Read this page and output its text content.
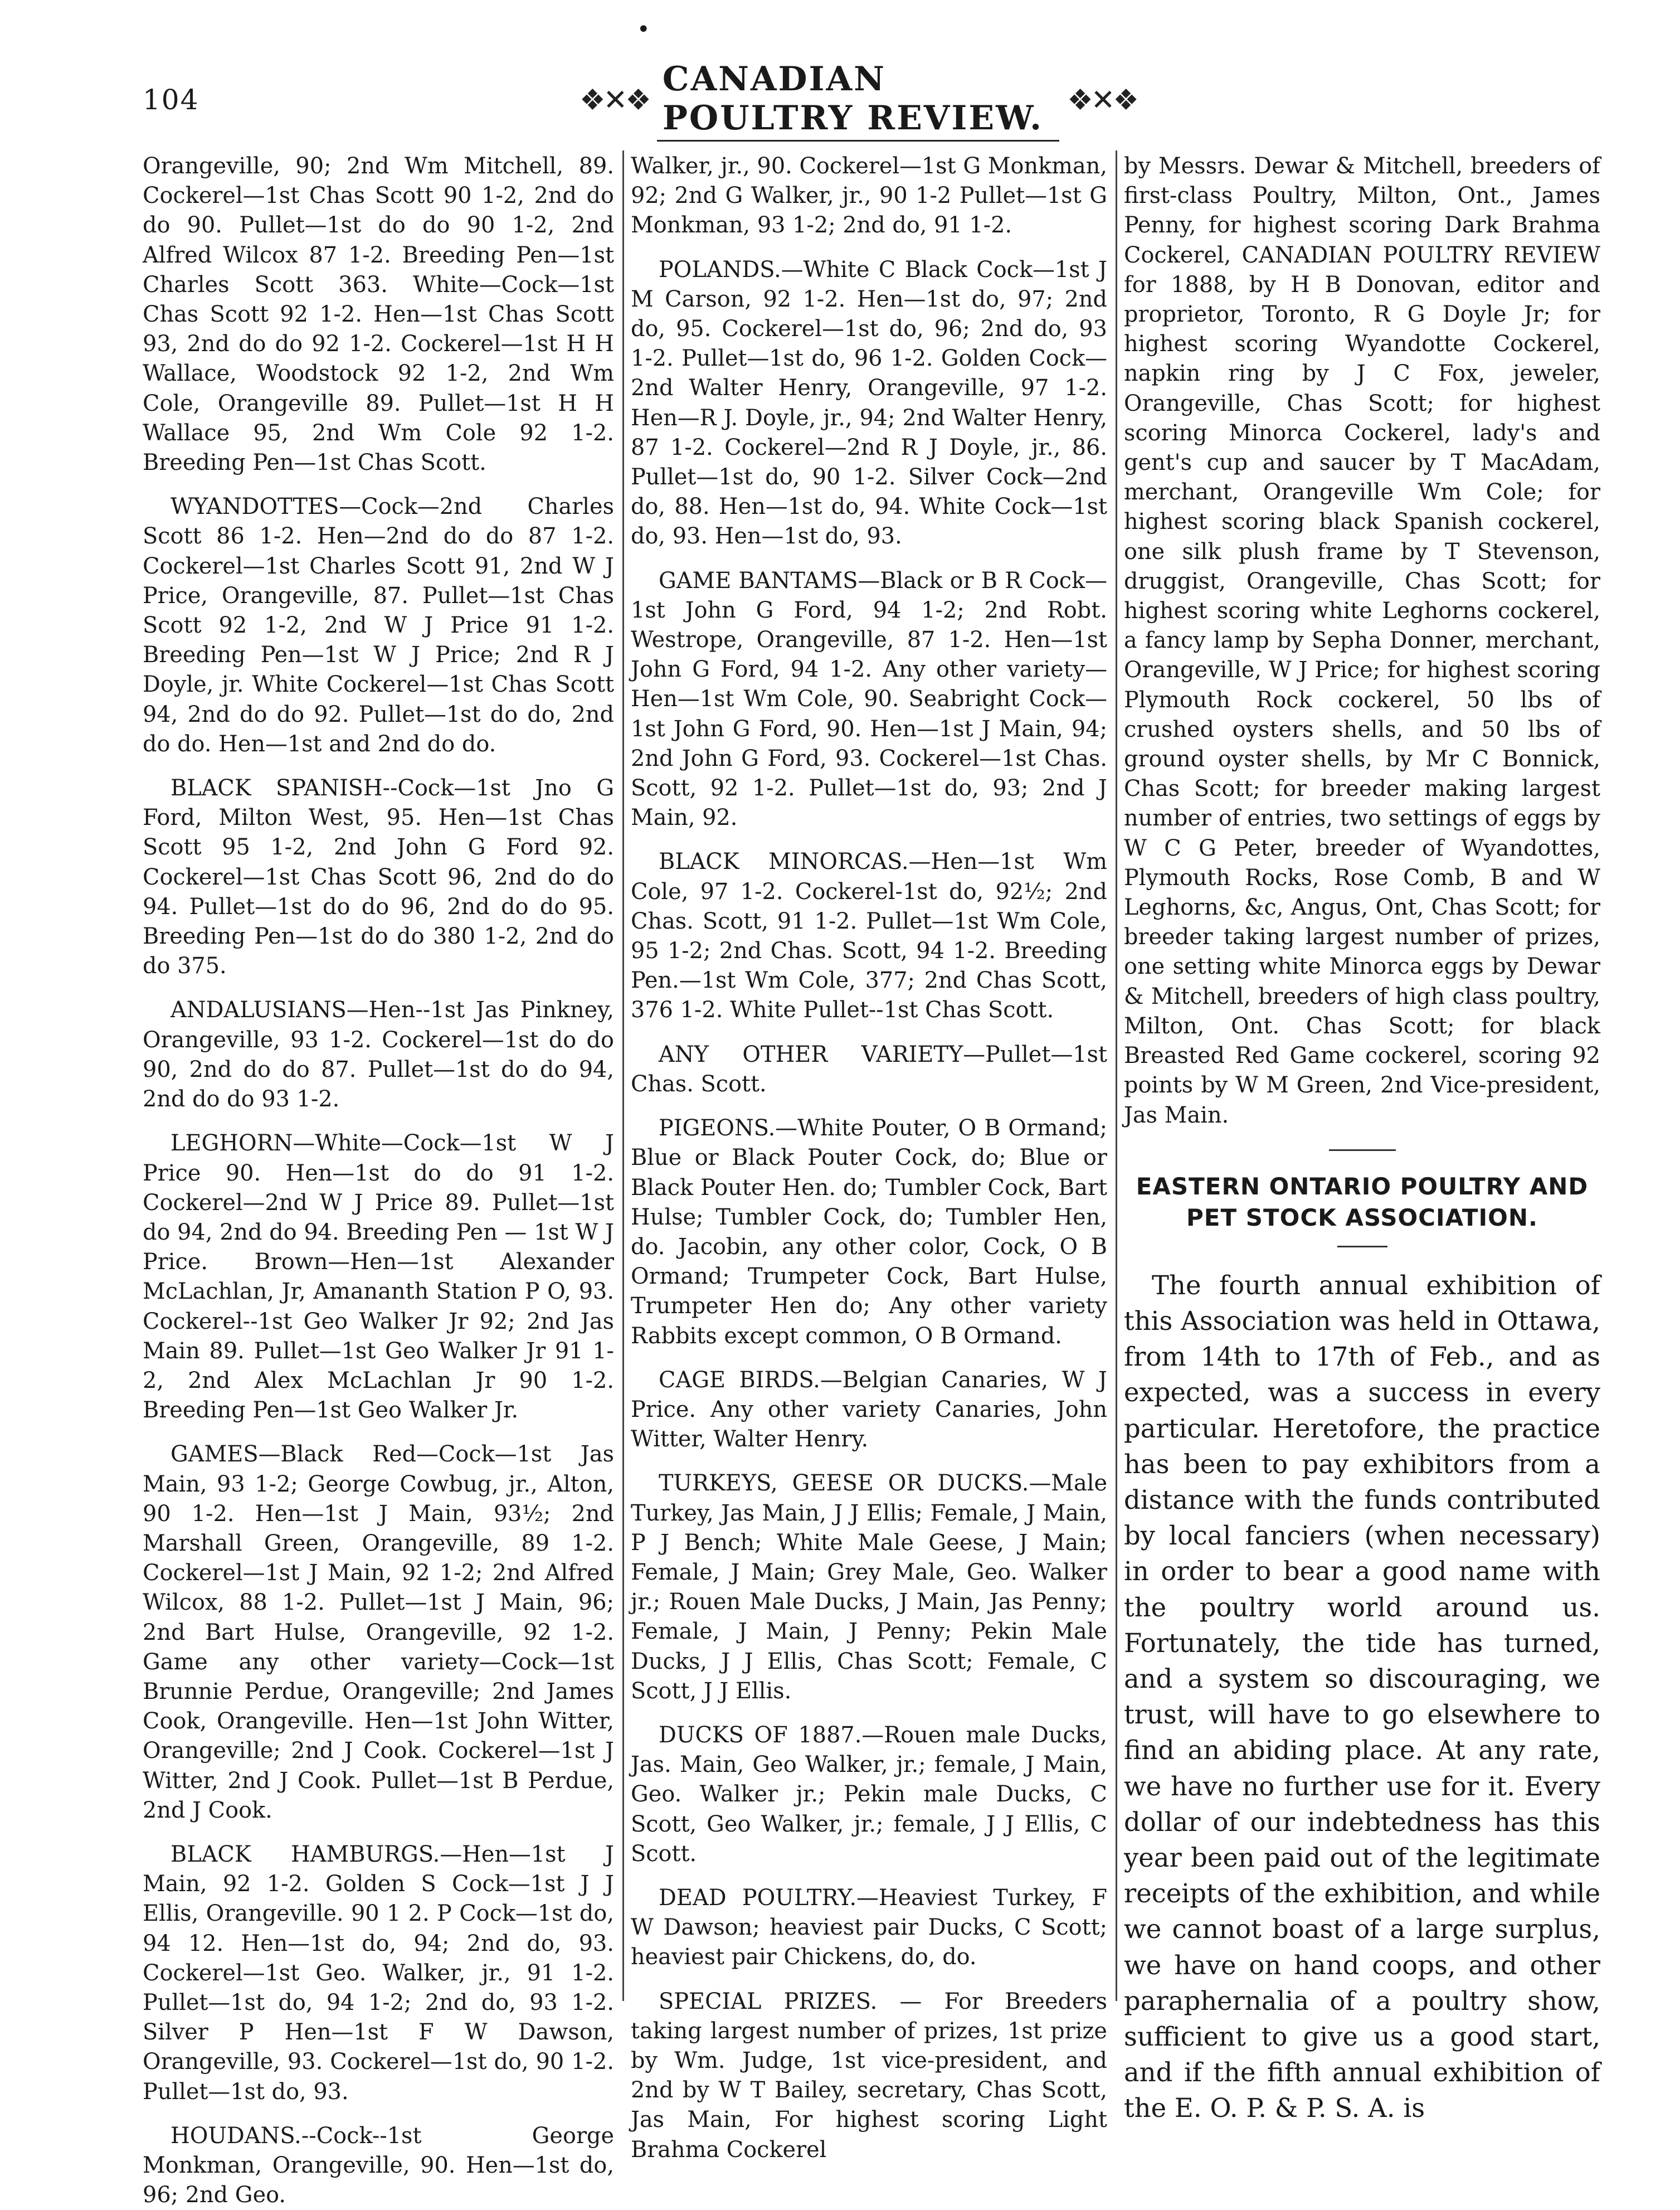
•
104	❖✕❖
CANADIAN POULTRY REVIEW. ❖✕❖

Orangeville, 90; 2nd Wm Mitchell, 89. Cockerel—1st Chas Scott 90 1-2, 2nd do do 90. Pullet—1st do do 90 1-2, 2nd Alfred Wilcox 87 1-2. Breeding Pen—1st Charles Scott 363. White—Cock—1st Chas Scott 92 1-2. Hen—1st Chas Scott 93, 2nd do do 92 1-2. Cockerel—1st H H Wallace, Woodstock 92 1-2, 2nd Wm Cole, Orangeville 89. Pullet—1st H H Wallace 95, 2nd Wm Cole 92 1-2. Breeding Pen—1st Chas Scott.

WYANDOTTES—Cock—2nd Charles Scott 86 1-2. Hen—2nd do do 87 1-2. Cockerel—1st Charles Scott 91, 2nd W J Price, Orangeville, 87. Pullet—1st Chas Scott 92 1-2, 2nd W J Price 91 1-2. Breeding Pen—1st W J Price; 2nd R J Doyle, jr. White Cockerel—1st Chas Scott 94, 2nd do do 92. Pullet—1st do do, 2nd do do. Hen—1st and 2nd do do.

BLACK SPANISH--Cock—1st Jno G Ford, Milton West, 95. Hen—1st Chas Scott 95 1-2, 2nd John G Ford 92. Cockerel—1st Chas Scott 96, 2nd do do 94. Pullet—1st do do 96, 2nd do do 95. Breeding Pen—1st do do 380 1-2, 2nd do do 375.

ANDALUSIANS—Hen--1st Jas Pinkney, Orangeville, 93 1-2. Cockerel—1st do do 90, 2nd do do 87. Pullet—1st do do 94, 2nd do do 93 1-2.

LEGHORN—White—Cock—1st W J Price 90. Hen—1st do do 91 1-2. Cockerel—2nd W J Price 89. Pullet—1st do 94, 2nd do 94. Breeding Pen — 1st W J Price. Brown—Hen—1st Alexander McLachlan, Jr, Amananth Station P O, 93. Cockerel--1st Geo Walker Jr 92; 2nd Jas Main 89. Pullet—1st Geo Walker Jr 91 1-2, 2nd Alex McLachlan Jr 90 1-2. Breeding Pen—1st Geo Walker Jr.

GAMES—Black Red—Cock—1st Jas Main, 93 1-2; George Cowbug, jr., Alton, 90 1-2. Hen—1st J Main, 93½; 2nd Marshall Green, Orangeville, 89 1-2. Cockerel—1st J Main, 92 1-2; 2nd Alfred Wilcox, 88 1-2. Pullet—1st J Main, 96; 2nd Bart Hulse, Orangeville, 92 1-2. Game any other variety—Cock—1st Brunnie Perdue, Orangeville; 2nd James Cook, Orangeville. Hen—1st John Witter, Orangeville; 2nd J Cook. Cockerel—1st J Witter, 2nd J Cook. Pullet—1st B Perdue, 2nd J Cook.

BLACK HAMBURGS.—Hen—1st J Main, 92 1-2. Golden S Cock—1st J J Ellis, Orangeville. 90 1 2. P Cock—1st do, 94 12. Hen—1st do, 94; 2nd do, 93. Cockerel—1st Geo. Walker, jr., 91 1-2. Pullet—1st do, 94 1-2; 2nd do, 93 1-2. Silver P Hen—1st F W Dawson, Orangeville, 93. Cockerel—1st do, 90 1-2. Pullet—1st do, 93.

HOUDANS.--Cock--1st George Monkman, Orangeville, 90. Hen—1st do, 96; 2nd Geo.

Walker, jr., 90. Cockerel—1st G Monkman, 92; 2nd G Walker, jr., 90 1-2 Pullet—1st G Monkman, 93 1-2; 2nd do, 91 1-2.

POLANDS.—White C Black Cock—1st J M Carson, 92 1-2. Hen—1st do, 97; 2nd do, 95. Cockerel—1st do, 96; 2nd do, 93 1-2. Pullet—1st do, 96 1-2. Golden Cock—2nd Walter Henry, Orangeville, 97 1-2. Hen—R J. Doyle, jr., 94; 2nd Walter Henry, 87 1-2. Cockerel—2nd R J Doyle, jr., 86. Pullet—1st do, 90 1-2. Silver Cock—2nd do, 88. Hen—1st do, 94. White Cock—1st do, 93. Hen—1st do, 93.

GAME BANTAMS—Black or B R Cock—1st John G Ford, 94 1-2; 2nd Robt. Westrope, Orangeville, 87 1-2. Hen—1st John G Ford, 94 1-2. Any other variety—Hen—1st Wm Cole, 90. Seabright Cock—1st John G Ford, 90. Hen—1st J Main, 94; 2nd John G Ford, 93. Cockerel—1st Chas. Scott, 92 1-2. Pullet—1st do, 93; 2nd J Main, 92.

BLACK MINORCAS.—Hen—1st Wm Cole, 97 1-2. Cockerel-1st do, 92½; 2nd Chas. Scott, 91 1-2. Pullet—1st Wm Cole, 95 1-2; 2nd Chas. Scott, 94 1-2. Breeding Pen.—1st Wm Cole, 377; 2nd Chas Scott, 376 1-2. White Pullet--1st Chas Scott.

ANY OTHER VARIETY—Pullet—1st Chas. Scott.

PIGEONS.—White Pouter, O B Ormand; Blue or Black Pouter Cock, do; Blue or Black Pouter Hen. do; Tumbler Cock, Bart Hulse; Tumbler Cock, do; Tumbler Hen, do. Jacobin, any other color, Cock, O B Ormand; Trumpeter Cock, Bart Hulse, Trumpeter Hen do; Any other variety Rabbits except common, O B Ormand.

CAGE BIRDS.—Belgian Canaries, W J Price. Any other variety Canaries, John Witter, Walter Henry.

TURKEYS, GEESE OR DUCKS.—Male Turkey, Jas Main, J J Ellis; Female, J Main, P J Bench; White Male Geese, J Main; Female, J Main; Grey Male, Geo. Walker jr.; Rouen Male Ducks, J Main, Jas Penny; Female, J Main, J Penny; Pekin Male Ducks, J J Ellis, Chas Scott; Female, C Scott, J J Ellis.

DUCKS OF 1887.—Rouen male Ducks, Jas. Main, Geo Walker, jr.; female, J Main, Geo. Walker jr.; Pekin male Ducks, C Scott, Geo Walker, jr.; female, J J Ellis, C Scott.

DEAD POULTRY.—Heaviest Turkey, F W Dawson; heaviest pair Ducks, C Scott; heaviest pair Chickens, do, do.

SPECIAL PRIZES. — For Breeders taking largest number of prizes, 1st prize by Wm. Judge, 1st vice-president, and 2nd by W T Bailey, secretary, Chas Scott, Jas Main, For highest scoring Light Brahma Cockerel

by Messrs. Dewar & Mitchell, breeders of first-class Poultry, Milton, Ont., James Penny, for highest scoring Dark Brahma Cockerel, CANADIAN POULTRY REVIEW for 1888, by H B Donovan, editor and proprietor, Toronto, R G Doyle Jr; for highest scoring Wyandotte Cockerel, napkin ring by J C Fox, jeweler, Orangeville, Chas Scott; for highest scoring Minorca Cockerel, lady's and gent's cup and saucer by T MacAdam, merchant, Orangeville Wm Cole; for highest scoring black Spanish cockerel, one silk plush frame by T Stevenson, druggist, Orangeville, Chas Scott; for highest scoring white Leghorns cockerel, a fancy lamp by Sepha Donner, merchant, Orangeville, W J Price; for highest scoring Plymouth Rock cockerel, 50 lbs of crushed oysters shells, and 50 lbs of ground oyster shells, by Mr C Bonnick, Chas Scott; for breeder making largest number of entries, two settings of eggs by W C G Peter, breeder of Wyandottes, Plymouth Rocks, Rose Comb, B and W Leghorns, &c, Angus, Ont, Chas Scott; for breeder taking largest number of prizes, one setting white Minorca eggs by Dewar & Mitchell, breeders of high class poultry, Milton, Ont. Chas Scott; for black Breasted Red Game cockerel, scoring 92 points by W M Green, 2nd Vice-president, Jas Main.

EASTERN ONTARIO POULTRY AND PET STOCK ASSOCIATION.

The fourth annual exhibition of this Association was held in Ottawa, from 14th to 17th of Feb., and as expected, was a success in every particular. Heretofore, the practice has been to pay exhibitors from a distance with the funds contributed by local fanciers (when necessary) in order to bear a good name with the poultry world around us. Fortunately, the tide has turned, and a system so discouraging, we trust, will have to go elsewhere to find an abiding place. At any rate, we have no further use for it. Every dollar of our indebtedness has this year been paid out of the legitimate receipts of the exhibition, and while we cannot boast of a large surplus, we have on hand coops, and other paraphernalia of a poultry show, sufficient to give us a good start, and if the fifth annual exhibition of the E. O. P. & P. S. A. is
